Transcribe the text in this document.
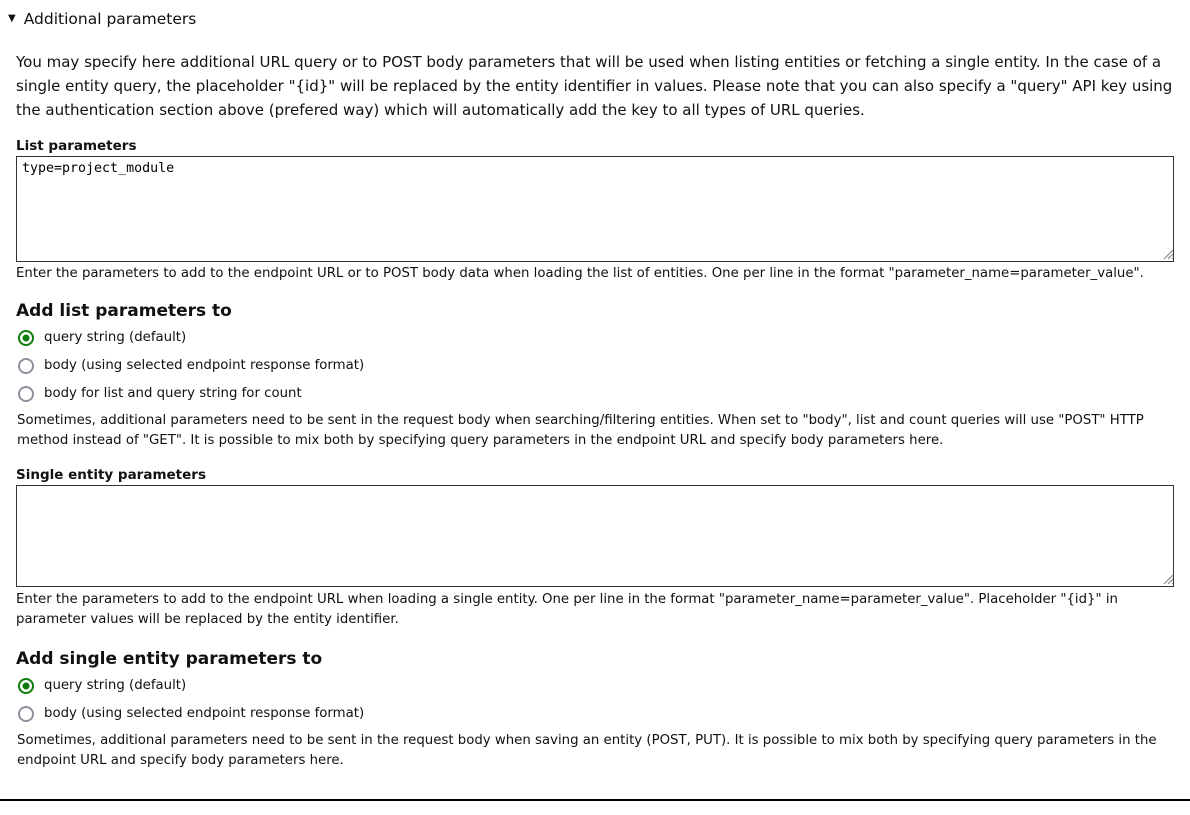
▼ Additional parameters
You may specify here additional URL query or to POST body parameters that will be used when listing entities or fetching a single entity. In the case of a single entity query, the placeholder "{id}" will be replaced by the entity identifier in values. Please note that you can also specify a "query" API key using the authentication section above (prefered way) which will automatically add the key to all types of URL queries.
List parameters
type=project_module
Enter the parameters to add to the endpoint URL or to POST body data when loading the list of entities. One per line in the format "parameter_name=parameter_value".
Add list parameters to
query string (default)
body (using selected endpoint response format)
body for list and query string for count
Sometimes, additional parameters need to be sent in the request body when searching/filtering entities. When set to "body", list and count queries will use "POST" HTTP method instead of "GET". It is possible to mix both by specifying query parameters in the endpoint URL and specify body parameters here.
Single entity parameters
Enter the parameters to add to the endpoint URL when loading a single entity. One per line in the format "parameter_name=parameter_value". Placeholder "{id}" in parameter values will be replaced by the entity identifier.
Add single entity parameters to
query string (default)
body (using selected endpoint response format)
Sometimes, additional parameters need to be sent in the request body when saving an entity (POST, PUT). It is possible to mix both by specifying query parameters in the endpoint URL and specify body parameters here.
